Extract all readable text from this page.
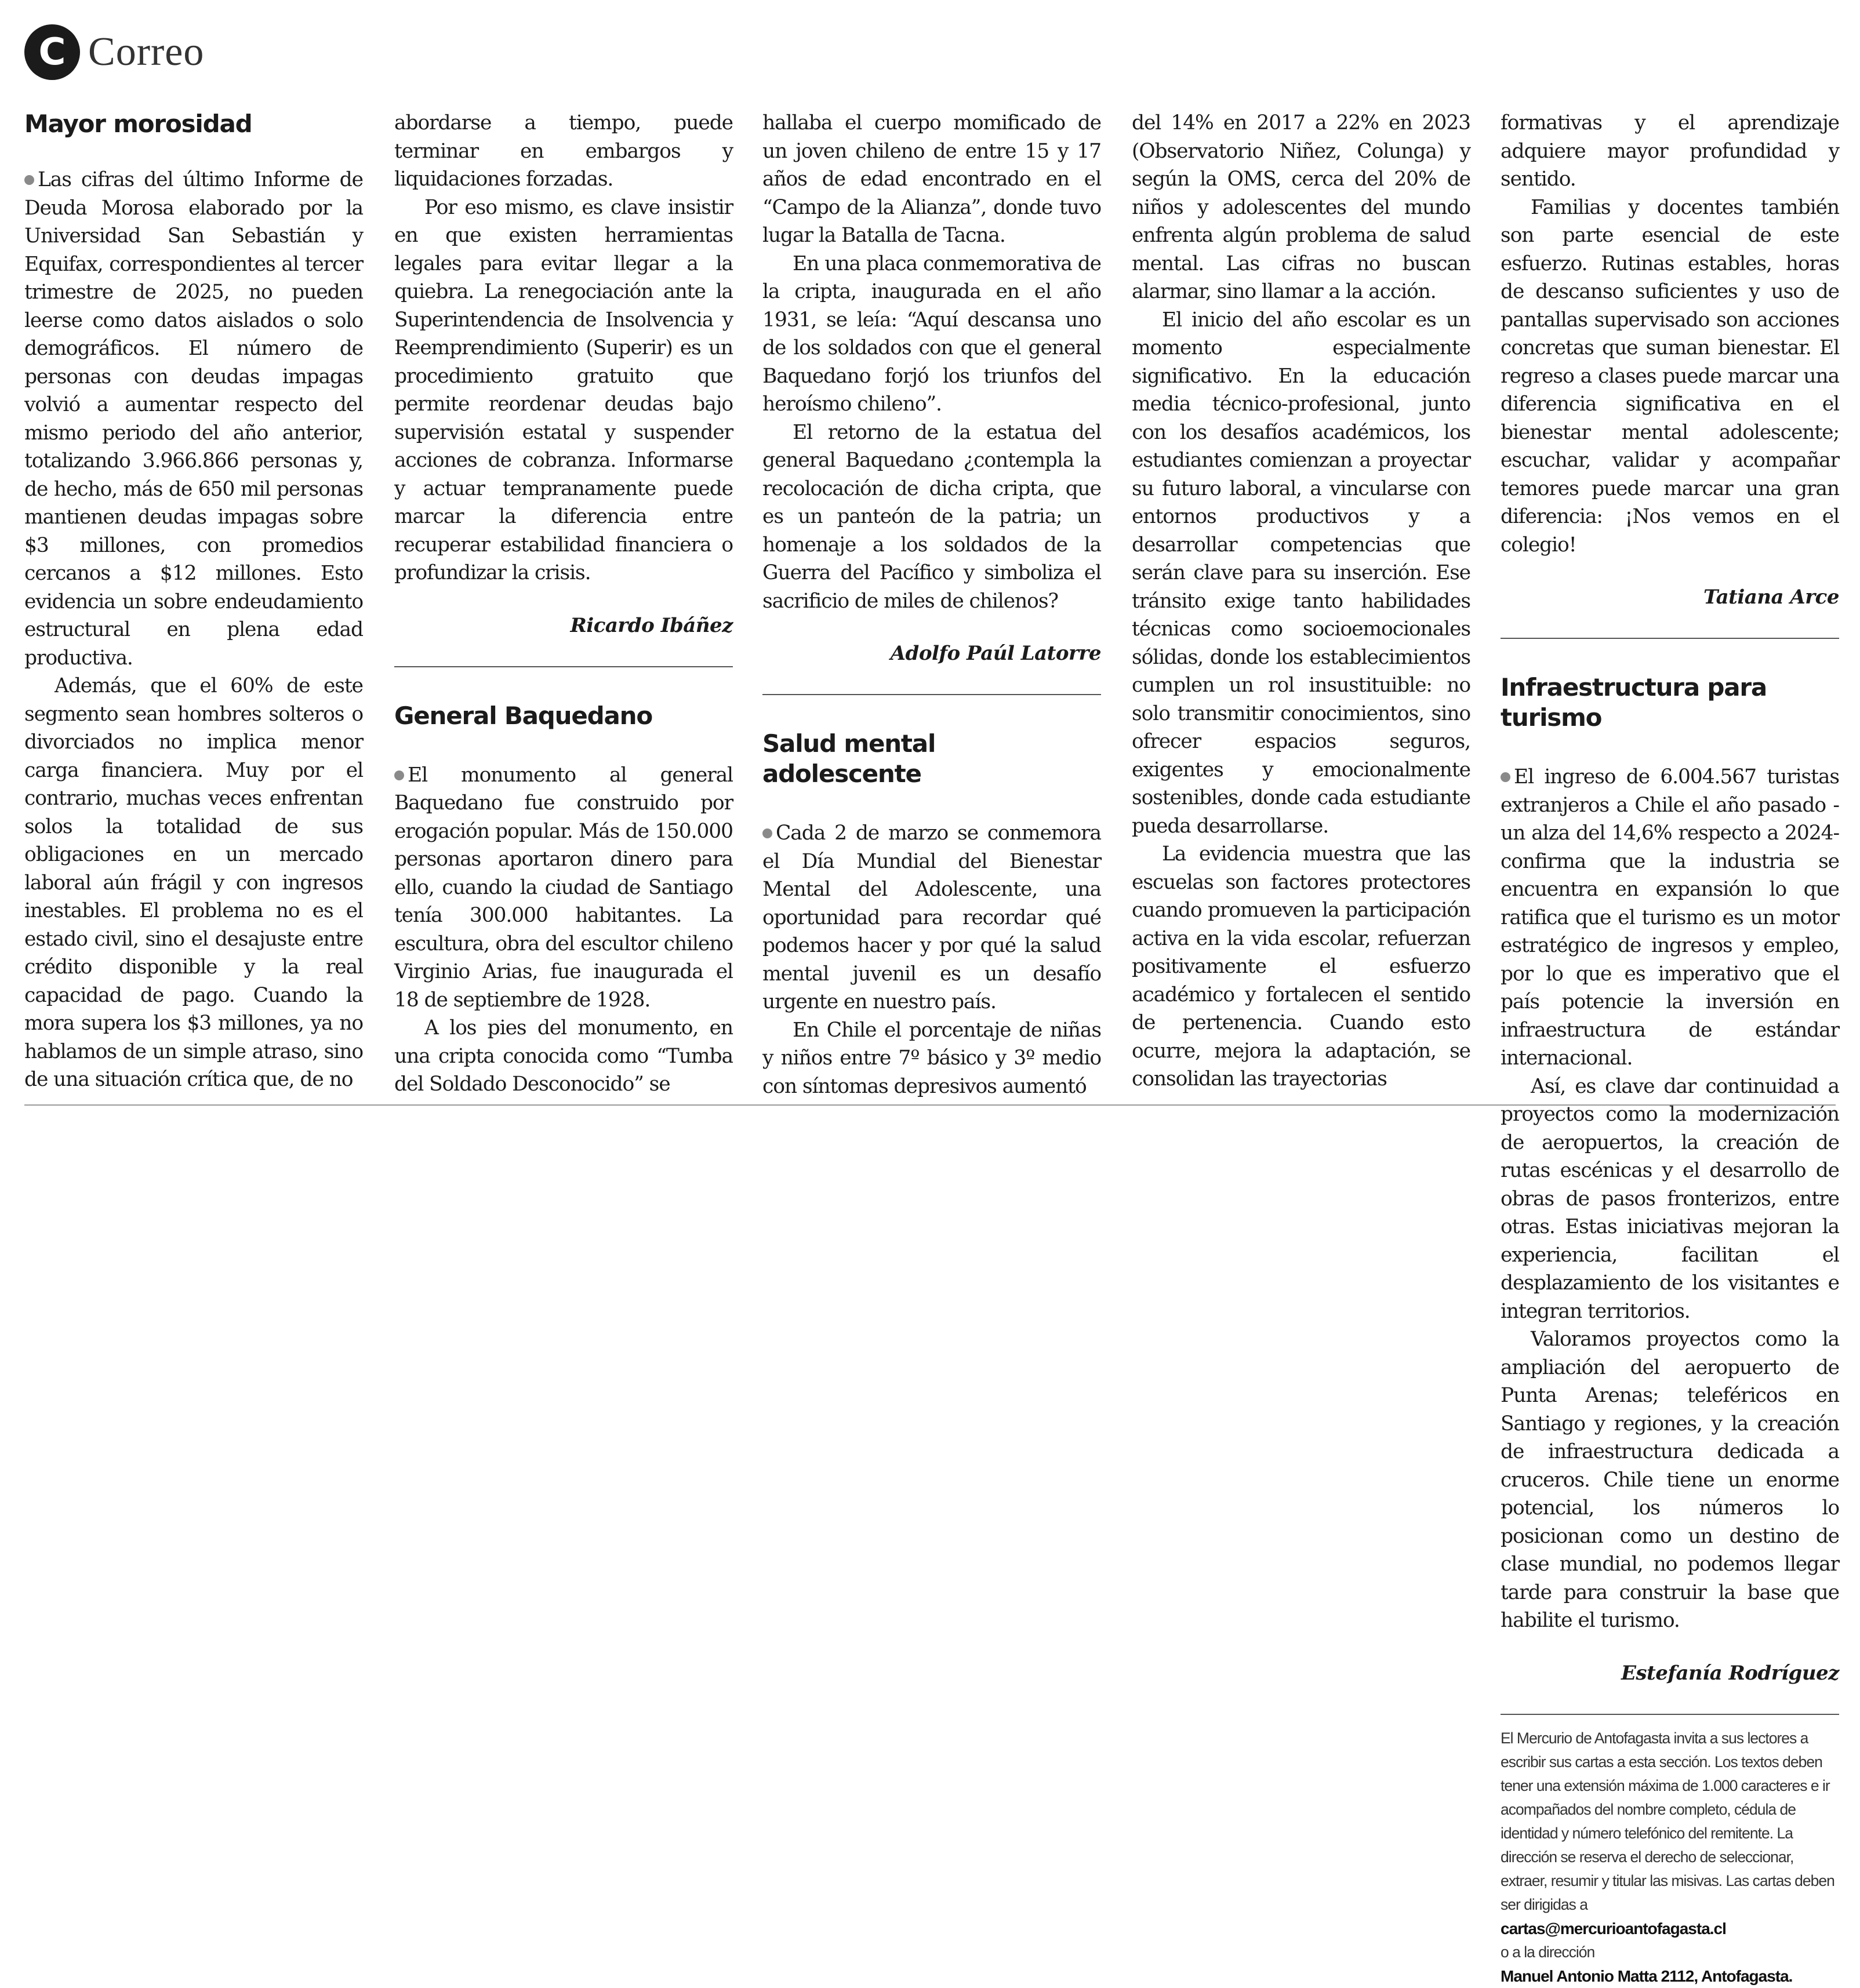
C Correo
Mayor morosidad

Las cifras del último Informe de Deuda Morosa elaborado por la Universidad San Sebastián y Equifax, correspondientes al tercer trimestre de 2025, no pueden leerse como datos aislados o solo demográficos. El número de personas con deudas impagas volvió a aumentar respecto del mismo periodo del año anterior, totalizando 3.966.866 personas y, de hecho, más de 650 mil personas mantienen deudas impagas sobre $3 millones, con promedios cercanos a $12 millones. Esto evidencia un sobre endeudamiento estructural en plena edad productiva.

Además, que el 60% de este segmento sean hombres solteros o divorciados no implica menor carga financiera. Muy por el contrario, muchas veces enfrentan solos la totalidad de sus obligaciones en un mercado laboral aún frágil y con ingresos inestables. El problema no es el estado civil, sino el desajuste entre crédito disponible y la real capacidad de pago. Cuando la mora supera los $3 millones, ya no hablamos de un simple atraso, sino de una situación crítica que, de no

abordarse a tiempo, puede terminar en embargos y liquidaciones forzadas.

Por eso mismo, es clave insistir en que existen herramientas legales para evitar llegar a la quiebra. La renegociación ante la Superintendencia de Insolvencia y Reemprendimiento (Superir) es un procedimiento gratuito que permite reordenar deudas bajo supervisión estatal y suspender acciones de cobranza. Informarse y actuar tempranamente puede marcar la diferencia entre recuperar estabilidad financiera o profundizar la crisis.

Ricardo Ibáñez
General Baquedano

El monumento al general Baquedano fue construido por erogación popular. Más de 150.000 personas aportaron dinero para ello, cuando la ciudad de Santiago tenía 300.000 habitantes. La escultura, obra del escultor chileno Virginio Arias, fue inaugurada el 18 de septiembre de 1928.

A los pies del monumento, en una cripta conocida como “Tumba del Soldado Desconocido” se

hallaba el cuerpo momificado de un joven chileno de entre 15 y 17 años de edad encontrado en el “Campo de la Alianza”, donde tuvo lugar la Batalla de Tacna.

En una placa conmemorativa de la cripta, inaugurada en el año 1931, se leía: “Aquí descansa uno de los soldados con que el general Baquedano forjó los triunfos del heroísmo chileno”.

El retorno de la estatua del general Baquedano ¿contempla la recolocación de dicha cripta, que es un panteón de la patria; un homenaje a los soldados de la Guerra del Pacífico y simboliza el sacrificio de miles de chilenos?

Adolfo Paúl Latorre
Salud mental adolescente

Cada 2 de marzo se conmemora el Día Mundial del Bienestar Mental del Adolescente, una oportunidad para recordar qué podemos hacer y por qué la salud mental juvenil es un desafío urgente en nuestro país.

En Chile el porcentaje de niñas y niños entre 7º básico y 3º medio con síntomas depresivos aumentó

del 14% en 2017 a 22% en 2023 (Observatorio Niñez, Colunga) y según la OMS, cerca del 20% de niños y adolescentes del mundo enfrenta algún problema de salud mental. Las cifras no buscan alarmar, sino llamar a la acción.

El inicio del año escolar es un momento especialmente significativo. En la educación media técnico-profesional, junto con los desafíos académicos, los estudiantes comienzan a proyectar su futuro laboral, a vincularse con entornos productivos y a desarrollar competencias que serán clave para su inserción. Ese tránsito exige tanto habilidades técnicas como socioemocionales sólidas, donde los establecimientos cumplen un rol insustituible: no solo transmitir conocimientos, sino ofrecer espacios seguros, exigentes y emocionalmente sostenibles, donde cada estudiante pueda desarrollarse.

La evidencia muestra que las escuelas son factores protectores cuando promueven la participación activa en la vida escolar, refuerzan positivamente el esfuerzo académico y fortalecen el sentido de pertenencia. Cuando esto ocurre, mejora la adaptación, se consolidan las trayectorias

formativas y el aprendizaje adquiere mayor profundidad y sentido.

Familias y docentes también son parte esencial de este esfuerzo. Rutinas estables, horas de descanso suficientes y uso de pantallas supervisado son acciones concretas que suman bienestar. El regreso a clases puede marcar una diferencia significativa en el bienestar mental adolescente; escuchar, validar y acompañar temores puede marcar una gran diferencia: ¡Nos vemos en el colegio!

Tatiana Arce
Infraestructura para turismo

El ingreso de 6.004.567 turistas extranjeros a Chile el año pasado -un alza del 14,6% respecto a 2024- confirma que la industria se encuentra en expansión lo que ratifica que el turismo es un motor estratégico de ingresos y empleo, por lo que es imperativo que el país potencie la inversión en infraestructura de estándar internacional.

Así, es clave dar continuidad a proyectos como la modernización de aeropuertos, la creación de rutas escénicas y el desarrollo de obras de pasos fronterizos, entre otras. Estas iniciativas mejoran la experiencia, facilitan el desplazamiento de los visitantes e integran territorios.

Valoramos proyectos como la ampliación del aeropuerto de Punta Arenas; teleféricos en Santiago y regiones, y la creación de infraestructura dedicada a cruceros. Chile tiene un enorme potencial, los números lo posicionan como un destino de clase mundial, no podemos llegar tarde para construir la base que habilite el turismo.

Estefanía Rodríguez
El Mercurio de Antofagasta invita a sus lectores a escribir sus cartas a esta sección. Los textos deben tener una extensión máxima de 1.000 caracteres e ir acompañados del nombre completo, cédula de identidad y número telefónico del remitente. La dirección se reserva el derecho de seleccionar, extraer, resumir y titular las misivas. Las cartas deben ser dirigidas a
cartas@mercurioantofagasta.cl
o a la dirección
Manuel Antonio Matta 2112, Antofagasta.
